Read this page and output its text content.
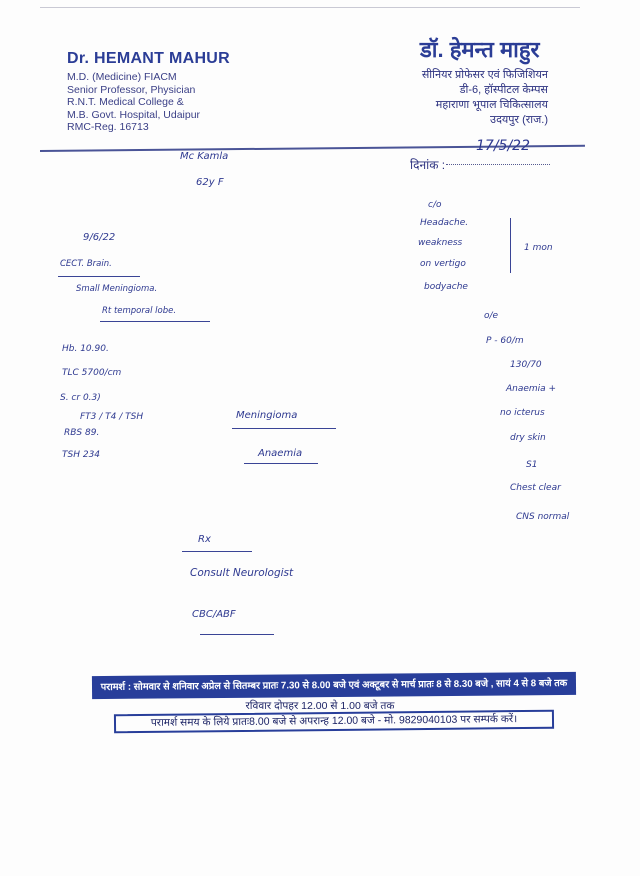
Dr. HEMANT MAHUR
M.D. (Medicine) FIACM
Senior Professor, Physician
R.N.T. Medical College &
M.B. Govt. Hospital, Udaipur
RMC-Reg. 16713
डॉ. हेमन्त माहुर
सीनियर प्रोफेसर एवं फिजिशियन
डी-6, हॉस्पीटल केम्पस
महाराणा भूपाल चिकित्सालय
उदयपुर (राज.)
दिनांक :
17/5/22
Mc Kamla
62y F
9/6/22
CECT. Brain.
Small Meningioma.
Rt temporal lobe.
Hb. 10.90.
TLC 5700/cm
S. cr 0.3)
FT3 / T4 / TSH
RBS 89.
TSH 234
c/o
Headache.
weakness
on vertigo
bodyache
1 mon
o/e
P - 60/m
130/70
Anaemia +
no icterus
dry skin
S1
Chest clear
CNS normal
Meningioma
Anaemia
Rx
Consult Neurologist
CBC/ABF
परामर्श : सोमवार से शनिवार अप्रेल से सितम्बर प्रातः 7.30 से 8.00 बजे एवं अक्टूबर से मार्च प्रातः 8 से 8.30 बजे , सायं 4 से 8 बजे तक
रविवार दोपहर 12.00 से 1.00 बजे तक
परामर्श समय के लिये प्रातः8.00 बजे से अपरान्ह 12.00 बजे - मो. 9829040103 पर सम्पर्क करें।
